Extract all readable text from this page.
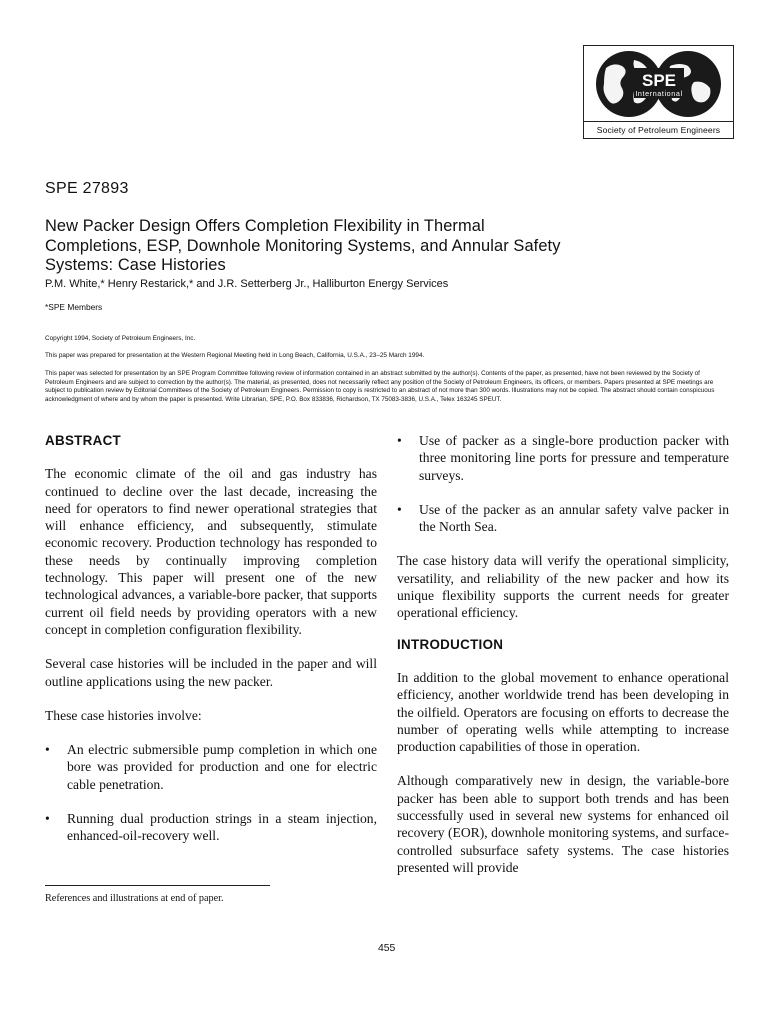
SPE
International
Society of Petroleum Engineers
SPE 27893
New Packer Design Offers Completion Flexibility in Thermal Completions, ESP, Downhole Monitoring Systems, and Annular Safety Systems: Case Histories
P.M. White,* Henry Restarick,* and J.R. Setterberg Jr., Halliburton Energy Services
*SPE Members
Copyright 1994, Society of Petroleum Engineers, Inc.
This paper was prepared for presentation at the Western Regional Meeting held in Long Beach, California, U.S.A., 23–25 March 1994.
This paper was selected for presentation by an SPE Program Committee following review of information contained in an abstract submitted by the author(s). Contents of the paper, as presented, have not been reviewed by the Society of Petroleum Engineers and are subject to correction by the author(s). The material, as presented, does not necessarily reflect any position of the Society of Petroleum Engineers, its officers, or members. Papers presented at SPE meetings are subject to publication review by Editorial Committees of the Society of Petroleum Engineers. Permission to copy is restricted to an abstract of not more than 300 words. Illustrations may not be copied. The abstract should contain conspicuous acknowledgment of where and by whom the paper is presented. Write Librarian, SPE, P.O. Box 833836, Richardson, TX 75083-3836, U.S.A., Telex 163245 SPEUT.
ABSTRACT

The economic climate of the oil and gas industry has continued to decline over the last decade, increasing the need for operators to find newer operational strategies that will enhance efficiency, and subsequently, stimulate economic recovery. Production technology has responded to these needs by continually improving completion technology. This paper will present one of the new technological advances, a variable-bore packer, that supports current oil field needs by providing operators with a new concept in completion configuration flexibility.

Several case histories will be included in the paper and will outline applications using the new packer.

These case histories involve:

• An electric submersible pump completion in which one bore was provided for production and one for electric cable penetration.
• Running dual production strings in a steam injection, enhanced-oil-recovery well.
• Use of packer as a single-bore production packer with three monitoring line ports for pressure and temperature surveys.
• Use of the packer as an annular safety valve packer in the North Sea.

The case history data will verify the operational simplicity, versatility, and reliability of the new packer and how its unique flexibility supports the current needs for greater operational efficiency.

INTRODUCTION

In addition to the global movement to enhance operational efficiency, another worldwide trend has been developing in the oilfield. Operators are focusing on efforts to decrease the number of operating wells while attempting to increase production capabilities of those in operation.

Although comparatively new in design, the variable-bore packer has been able to support both trends and has been successfully used in several new systems for enhanced oil recovery (EOR), downhole monitoring systems, and surface-controlled subsurface safety systems. The case histories presented will provide

References and illustrations at end of paper.
455
